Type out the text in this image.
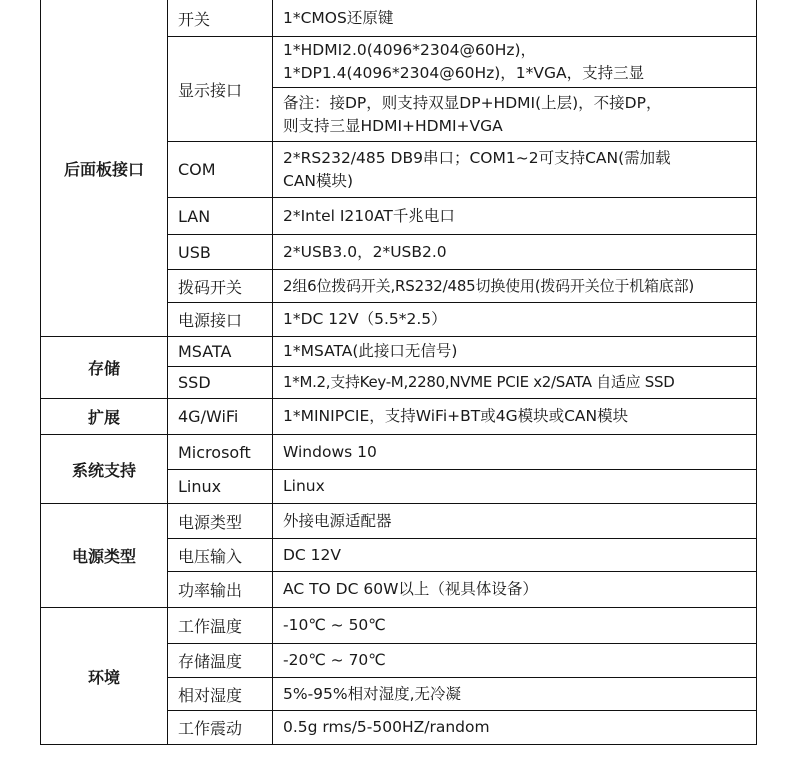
后面板接口	开关	1*CMOS还原键
	显示接口	1*HDMI2.0(4096*2304@60Hz)，
1*DP1.4(4096*2304@60Hz)，1*VGA，支持三显
		备注：接DP，则支持双显DP+HDMI(上层)，不接DP，
则支持三显HDMI+HDMI+VGA
	COM	2*RS232/485 DB9串口；COM1~2可支持CAN(需加载
CAN模块)
	LAN	2*Intel I210AT千兆电口
	USB	2*USB3.0，2*USB2.0
	拨码开关	2组6位拨码开关,RS232/485切换使用(拨码开关位于机箱底部)
	电源接口	1*DC 12V（5.5*2.5）
存储	MSATA	1*MSATA(此接口无信号)
	SSD	1*M.2,支持Key-M,2280,NVME PCIE x2/SATA 自适应 SSD
扩展	4G/WiFi	1*MINIPCIE，支持WiFi+BT或4G模块或CAN模块
系统支持	Microsoft	Windows 10
	Linux	Linux
电源类型	电源类型	外接电源适配器
	电压输入	DC 12V
	功率输出	AC TO DC 60W以上（视具体设备）
环境	工作温度	-10℃ ~ 50℃
	存储温度	-20℃ ~ 70℃
	相对湿度	5%-95%相对湿度,无冷凝
	工作震动	0.5g rms/5-500HZ/random
